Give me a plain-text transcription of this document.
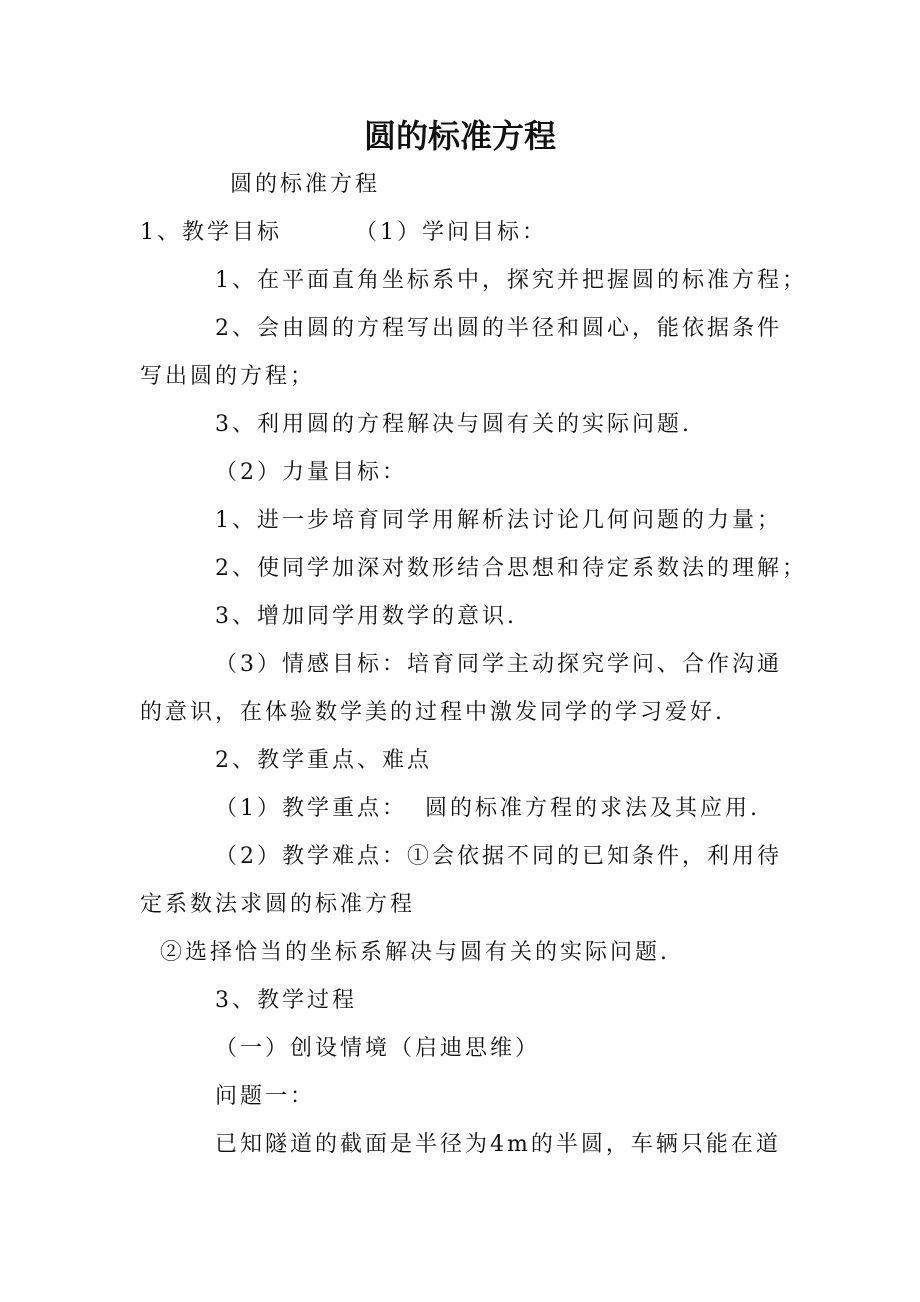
圆的标准方程

圆的标准方程

1、教学目标	（1）学问目标：

1、在平面直角坐标系中，探究并把握圆的标准方程；

2、会由圆的方程写出圆的半径和圆心，能依据条件

写出圆的方程；

3、利用圆的方程解决与圆有关的实际问题.

（2）力量目标：

1、进一步培育同学用解析法讨论几何问题的力量；

2、使同学加深对数形结合思想和待定系数法的理解；

3、增加同学用数学的意识.

（3）情感目标：培育同学主动探究学问、合作沟通

的意识，在体验数学美的过程中激发同学的学习爱好.

2、教学重点、难点

（1）教学重点： 圆的标准方程的求法及其应用.

（2）教学难点：①会依据不同的已知条件，利用待

定系数法求圆的标准方程

②选择恰当的坐标系解决与圆有关的实际问题.

3、教学过程

（一）创设情境（启迪思维）

问题一：

已知隧道的截面是半径为4m的半圆，车辆只能在道
